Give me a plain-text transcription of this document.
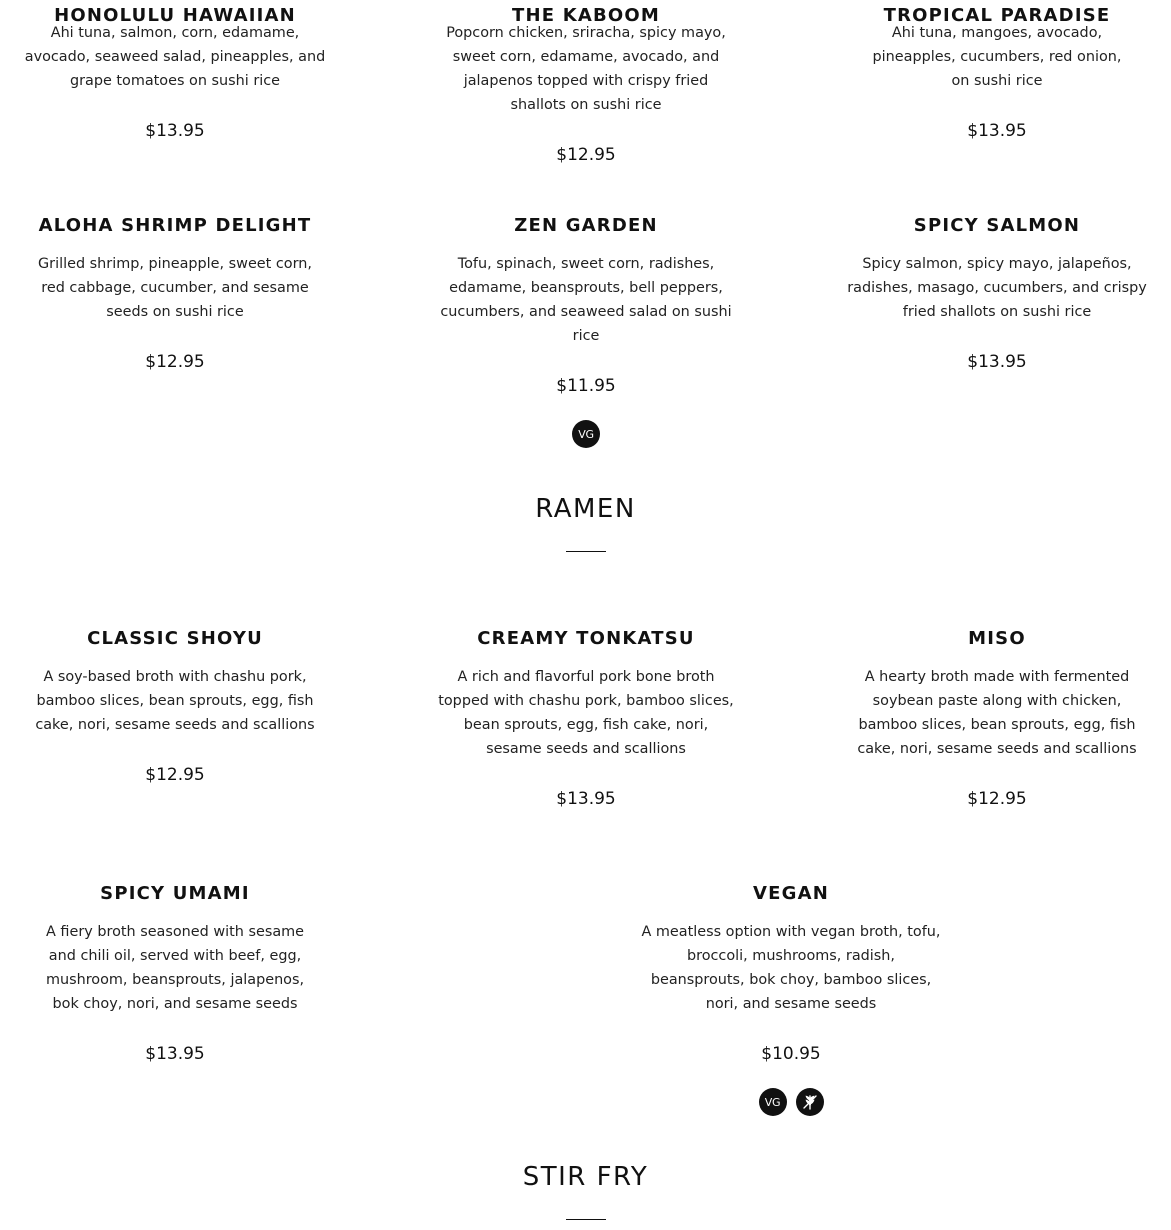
HONOLULU HAWAIIAN

Ahi tuna, salmon, corn, edamame, avocado, seaweed salad, pineapples, and grape tomatoes on sushi rice

$13.95
THE KABOOM

Popcorn chicken, sriracha, spicy mayo, sweet corn, edamame, avocado, and jalapenos topped with crispy fried shallots on sushi rice

$12.95
TROPICAL PARADISE

Ahi tuna, mangoes, avocado, pineapples, cucumbers, red onion, on sushi rice

$13.95
ALOHA SHRIMP DELIGHT

Grilled shrimp, pineapple, sweet corn, red cabbage, cucumber, and sesame seeds on sushi rice

$12.95
ZEN GARDEN

Tofu, spinach, sweet corn, radishes, edamame, beansprouts, bell peppers, cucumbers, and seaweed salad on sushi rice

$11.95
VG
SPICY SALMON

Spicy salmon, spicy mayo, jalapeños, radishes, masago, cucumbers, and crispy fried shallots on sushi rice

$13.95
RAMEN
CLASSIC SHOYU

A soy-based broth with chashu pork, bamboo slices, bean sprouts, egg, fish cake, nori, sesame seeds and scallions

$12.95
CREAMY TONKATSU

A rich and flavorful pork bone broth topped with chashu pork, bamboo slices, bean sprouts, egg, fish cake, nori, sesame seeds and scallions

$13.95
MISO

A hearty broth made with fermented soybean paste along with chicken, bamboo slices, bean sprouts, egg, fish cake, nori, sesame seeds and scallions

$12.95
SPICY UMAMI

A fiery broth seasoned with sesame and chili oil, served with beef, egg, mushroom, beansprouts, jalapenos, bok choy, nori, and sesame seeds

$13.95
VEGAN

A meatless option with vegan broth, tofu, broccoli, mushrooms, radish, beansprouts, bok choy, bamboo slices, nori, and sesame seeds

$10.95
VG
STIR FRY
